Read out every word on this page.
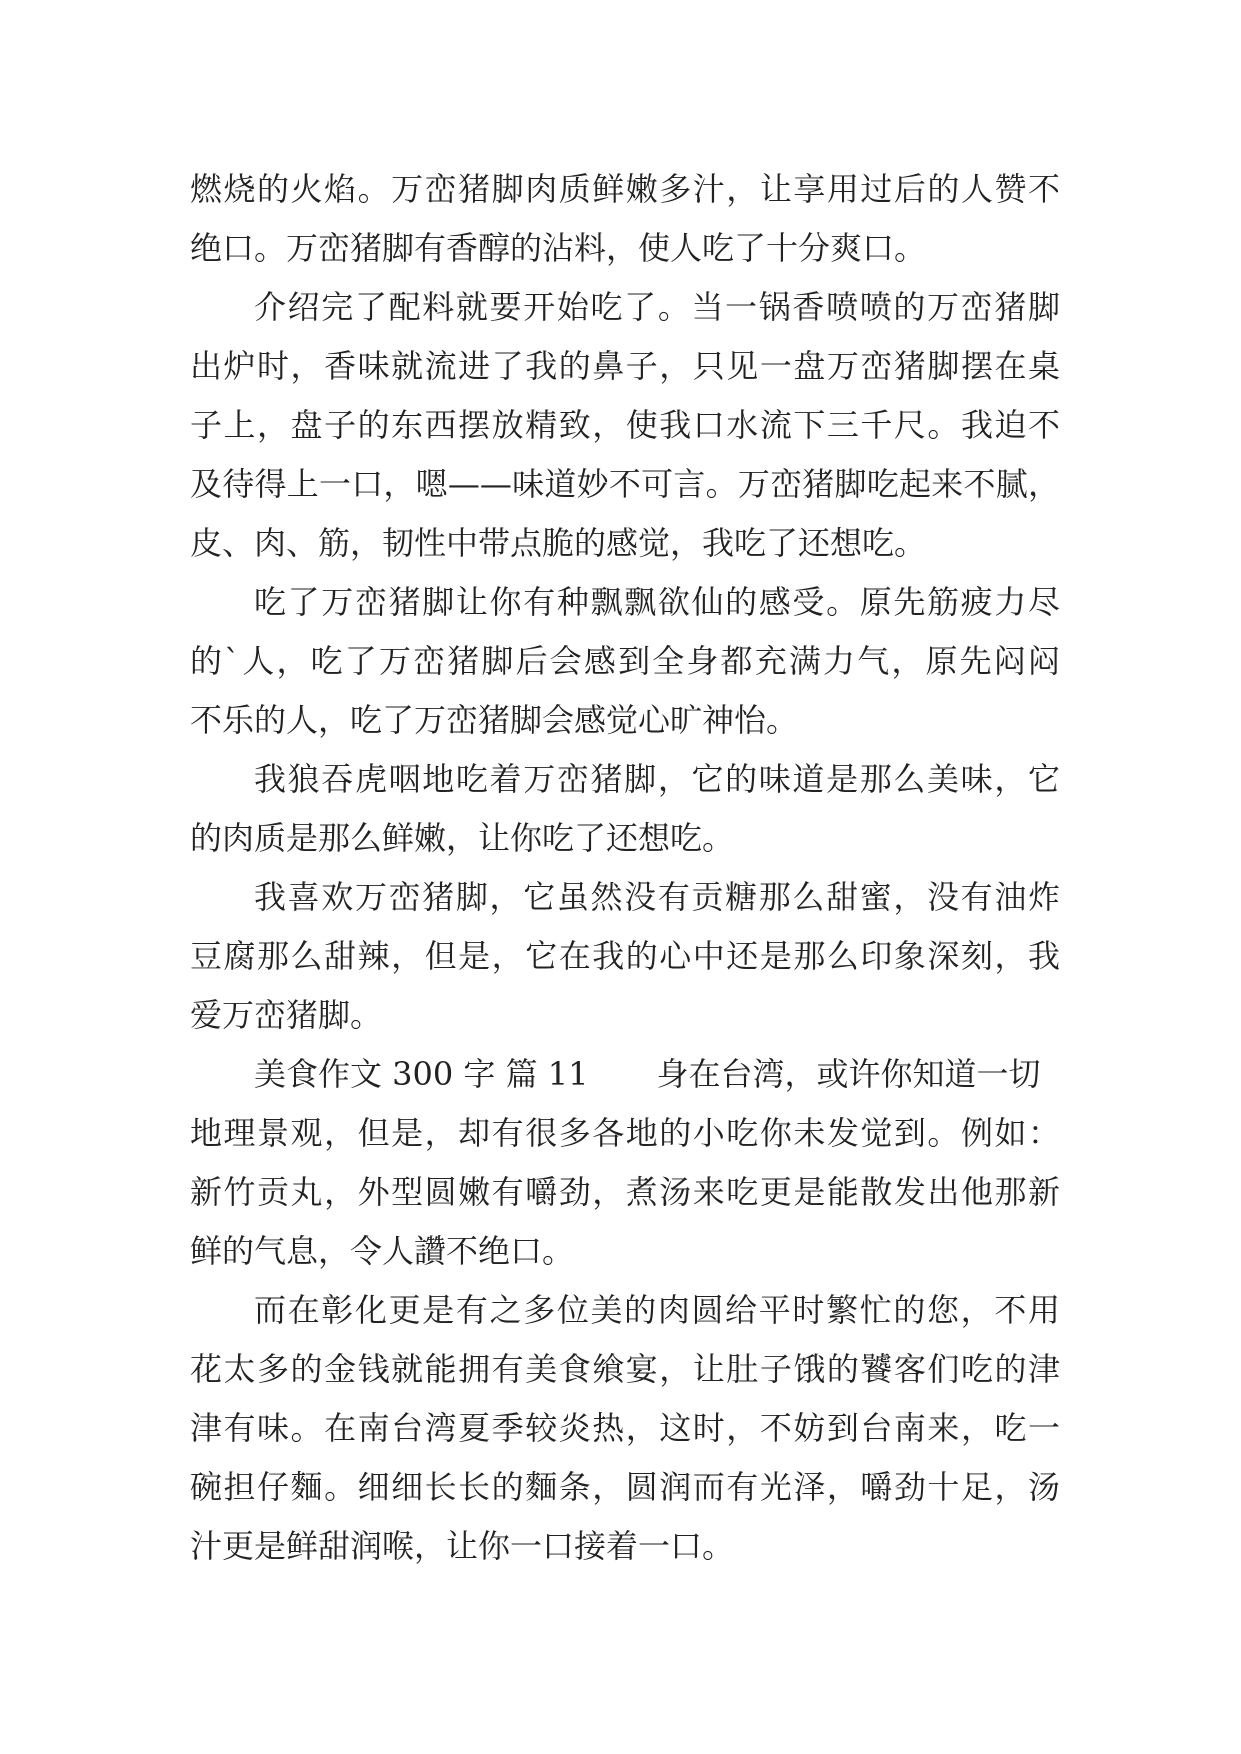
燃烧的火焰。万峦猪脚肉质鲜嫩多汁，让享用过后的人赞不
绝口。万峦猪脚有香醇的沾料，使人吃了十分爽口。
介绍完了配料就要开始吃了。当一锅香喷喷的万峦猪脚
出炉时，香味就流进了我的鼻子，只见一盘万峦猪脚摆在桌
子上，盘子的东西摆放精致，使我口水流下三千尺。我迫不
及待得上一口，嗯——味道妙不可言。万峦猪脚吃起来不腻，
皮、肉、筋，韧性中带点脆的感觉，我吃了还想吃。
吃了万峦猪脚让你有种飘飘欲仙的感受。原先筋疲力尽
的`人，吃了万峦猪脚后会感到全身都充满力气，原先闷闷
不乐的人，吃了万峦猪脚会感觉心旷神怡。
我狼吞虎咽地吃着万峦猪脚，它的味道是那么美味，它
的肉质是那么鲜嫩，让你吃了还想吃。
我喜欢万峦猪脚，它虽然没有贡糖那么甜蜜，没有油炸
豆腐那么甜辣，但是，它在我的心中还是那么印象深刻，我
爱万峦猪脚。
美食作文 300 字 篇 11 身在台湾，或许你知道一切
地理景观，但是，却有很多各地的小吃你未发觉到。例如：
新竹贡丸，外型圆嫩有嚼劲，煮汤来吃更是能散发出他那新
鲜的气息，令人讚不绝口。
而在彰化更是有之多位美的肉圆给平时繁忙的您，不用
花太多的金钱就能拥有美食飨宴，让肚子饿的饕客们吃的津
津有味。在南台湾夏季较炎热，这时，不妨到台南来，吃一
碗担仔麵。细细长长的麵条，圆润而有光泽，嚼劲十足，汤
汁更是鲜甜润喉，让你一口接着一口。
